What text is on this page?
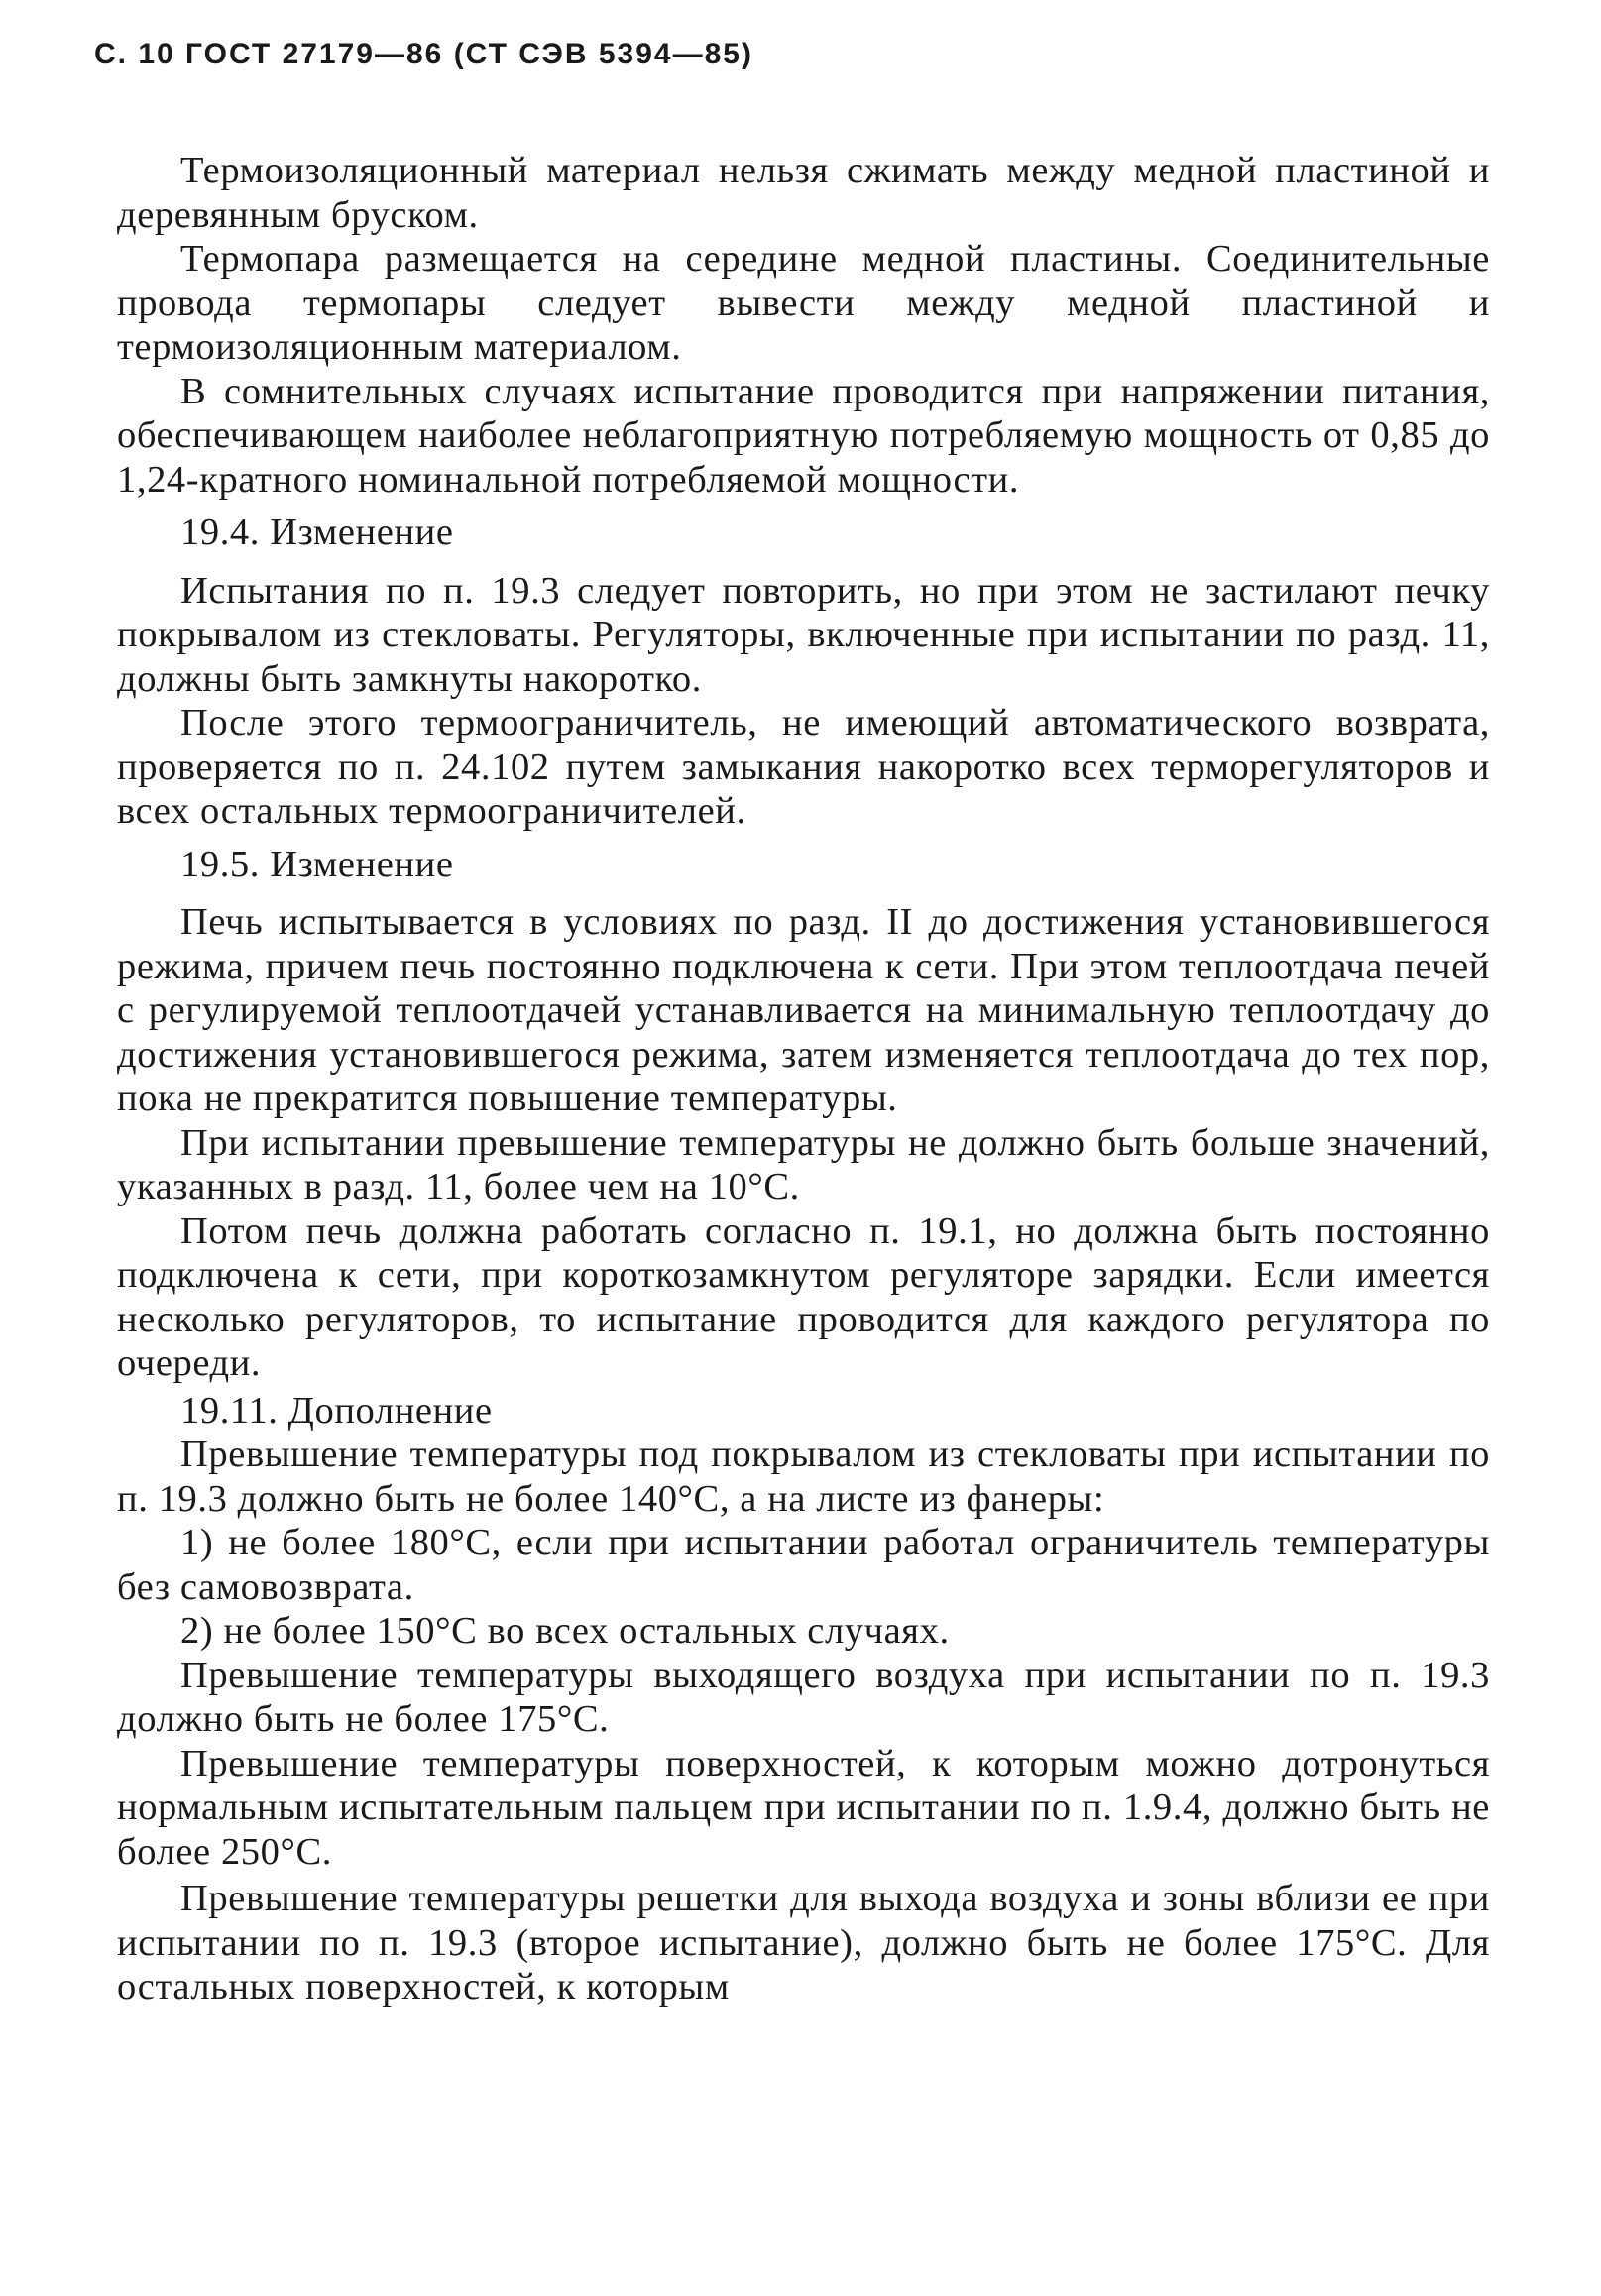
С. 10 ГОСТ 27179—86 (СТ СЭВ 5394—85)

Термоизоляционный материал нельзя сжимать между медной пластиной и деревянным бруском.

Термопара размещается на середине медной пластины. Соединительные провода термопары следует вывести между медной пластиной и термоизоляционным материалом.

В сомнительных случаях испытание проводится при напряжении питания, обеспечивающем наиболее неблагоприятную потребляемую мощность от 0,85 до 1,24-кратного номинальной потребляемой мощности.

19.4. Изменение

Испытания по п. 19.3 следует повторить, но при этом не застилают печку покрывалом из стекловаты. Регуляторы, включенные при испытании по разд. 11, должны быть замкнуты накоротко.

После этого термоограничитель, не имеющий автоматического возврата, проверяется по п. 24.102 путем замыкания накоротко всех терморегуляторов и всех остальных термоограничителей.

19.5. Изменение

Печь испытывается в условиях по разд. II до достижения установившегося режима, причем печь постоянно подключена к сети. При этом теплоотдача печей с регулируемой теплоотдачей устанавливается на минимальную теплоотдачу до достижения установившегося режима, затем изменяется теплоотдача до тех пор, пока не прекратится повышение температуры.

При испытании превышение температуры не должно быть больше значений, указанных в разд. 11, более чем на 10°С.

Потом печь должна работать согласно п. 19.1, но должна быть постоянно подключена к сети, при короткозамкнутом регуляторе зарядки. Если имеется несколько регуляторов, то испытание проводится для каждого регулятора по очереди.

19.11. Дополнение

Превышение температуры под покрывалом из стекловаты при испытании по п. 19.3 должно быть не более 140°С, а на листе из фанеры:

1) не более 180°С, если при испытании работал ограничитель температуры без самовозврата.

2) не более 150°С во всех остальных случаях.

Превышение температуры выходящего воздуха при испытании по п. 19.3 должно быть не более 175°С.

Превышение температуры поверхностей, к которым можно дотронуться нормальным испытательным пальцем при испытании по п. 1.9.4, должно быть не более 250°С.

Превышение температуры решетки для выхода воздуха и зоны вблизи ее при испытании по п. 19.3 (второе испытание), должно быть не более 175°С. Для остальных поверхностей, к которым
